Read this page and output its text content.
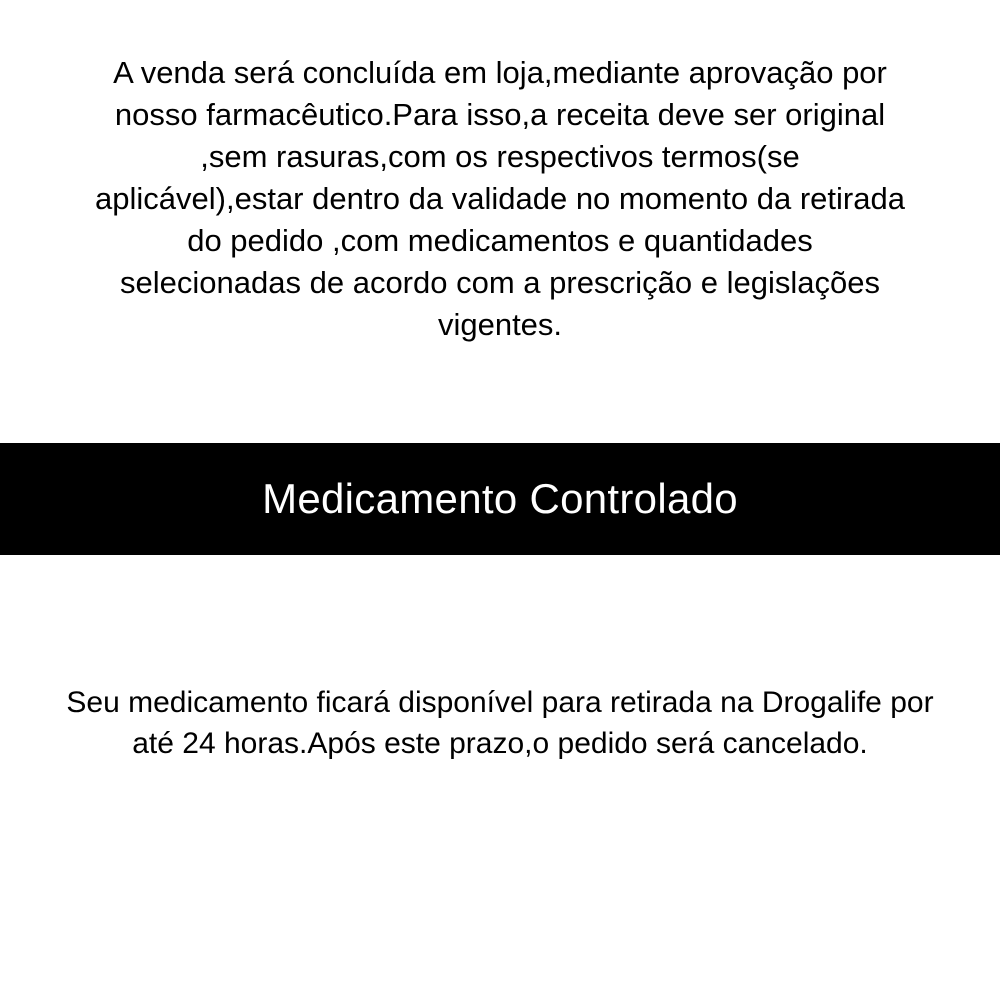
A venda será concluída em loja,mediante aprovação por nosso farmacêutico.Para isso,a receita deve ser original ,sem rasuras,com os respectivos termos(se aplicável),estar dentro da validade no momento da retirada do pedido ,com medicamentos e quantidades selecionadas de acordo com a prescrição e legislações vigentes.

Medicamento Controlado

Seu medicamento ficará disponível para retirada na Drogalife por até 24 horas.Após este prazo,o pedido será cancelado.
